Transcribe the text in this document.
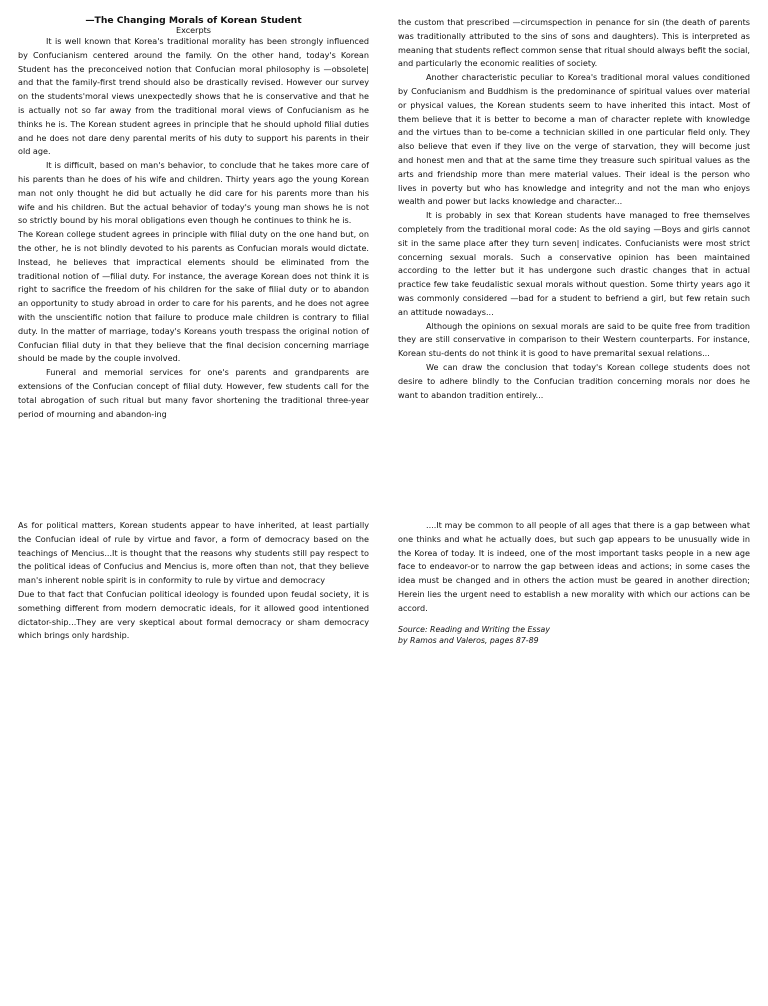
—The Changing Morals of Korean Student

Excerpts

It is well known that Korea's traditional morality has been strongly influenced by Confucianism centered around the family. On the other hand, today's Korean Student has the preconceived notion that Confucian moral philosophy is —obsolete| and that the family-first trend should also be drastically revised. However our survey on the students'moral views unexpectedly shows that he is conservative and that he is actually not so far away from the traditional moral views of Confucianism as he thinks he is. The Korean student agrees in principle that he should uphold filial duties and he does not dare deny parental merits of his duty to support his parents in their old age.

It is difficult, based on man's behavior, to conclude that he takes more care of his parents than he does of his wife and children. Thirty years ago the young Korean man not only thought he did but actually he did care for his parents more than his wife and his children. But the actual behavior of today's young man shows he is not so strictly bound by his moral obligations even though he continues to think he is.

The Korean college student agrees in principle with filial duty on the one hand but, on the other, he is not blindly devoted to his parents as Confucian morals would dictate. Instead, he believes that impractical elements should be eliminated from the traditional notion of —filial duty. For instance, the average Korean does not think it is right to sacrifice the freedom of his children for the sake of filial duty or to abandon an opportunity to study abroad in order to care for his parents, and he does not agree with the unscientific notion that failure to produce male children is contrary to filial duty. In the matter of marriage, today's Koreans youth trespass the original notion of Confucian filial duty in that they believe that the final decision concerning marriage should be made by the couple involved.

Funeral and memorial services for one's parents and grandparents are extensions of the Confucian concept of filial duty. However, few students call for the total abrogation of such ritual but many favor shortening the traditional three-year period of mourning and abandon-ing

the custom that prescribed —circumspection in penance for sin (the death of parents was traditionally attributed to the sins of sons and daughters). This is interpreted as meaning that students reflect common sense that ritual should always befit the social, and particularly the economic realities of society.

Another characteristic peculiar to Korea's traditional moral values conditioned by Confucianism and Buddhism is the predominance of spiritual values over material or physical values, the Korean students seem to have inherited this intact. Most of them believe that it is better to become a man of character replete with knowledge and the virtues than to be-come a technician skilled in one particular field only. They also believe that even if they live on the verge of starvation, they will become just and honest men and that at the same time they treasure such spiritual values as the arts and friendship more than mere material values. Their ideal is the person who lives in poverty but who has knowledge and integrity and not the man who enjoys wealth and power but lacks knowledge and character...

It is probably in sex that Korean students have managed to free themselves completely from the traditional moral code: As the old saying —Boys and girls cannot sit in the same place after they turn seven| indicates. Confucianists were most strict concerning sexual morals. Such a conservative opinion has been maintained according to the letter but it has undergone such drastic changes that in actual practice few take feudalistic sexual morals without question. Some thirty years ago it was commonly considered —bad for a student to befriend a girl, but few retain such an attitude nowadays...

Although the opinions on sexual morals are said to be quite free from tradition they are still conservative in comparison to their Western counterparts. For instance, Korean stu-dents do not think it is good to have premarital sexual relations...

We can draw the conclusion that today's Korean college students does not desire to adhere blindly to the Confucian tradition concerning morals nor does he want to abandon tradition entirely...

As for political matters, Korean students appear to have inherited, at least partially the Confucian ideal of rule by virtue and favor, a form of democracy based on the teachings of Mencius...It is thought that the reasons why students still pay respect to the political ideas of Confucius and Mencius is, more often than not, that they believe man's inherent noble spirit is in conformity to rule by virtue and democracy

Due to that fact that Confucian political ideology is founded upon feudal society, it is something different from modern democratic ideals, for it allowed good intentioned dictator-ship...They are very skeptical about formal democracy or sham democracy which brings only hardship.

....It may be common to all people of all ages that there is a gap between what one thinks and what he actually does, but such gap appears to be unusually wide in the Korea of today. It is indeed, one of the most important tasks people in a new age face to endeavor-or to narrow the gap between ideas and actions; in some cases the idea must be changed and in others the action must be geared in another direction; Herein lies the urgent need to establish a new morality with which our actions can be accord.

Source: Reading and Writing the Essay

by Ramos and Valeros, pages 87-89
